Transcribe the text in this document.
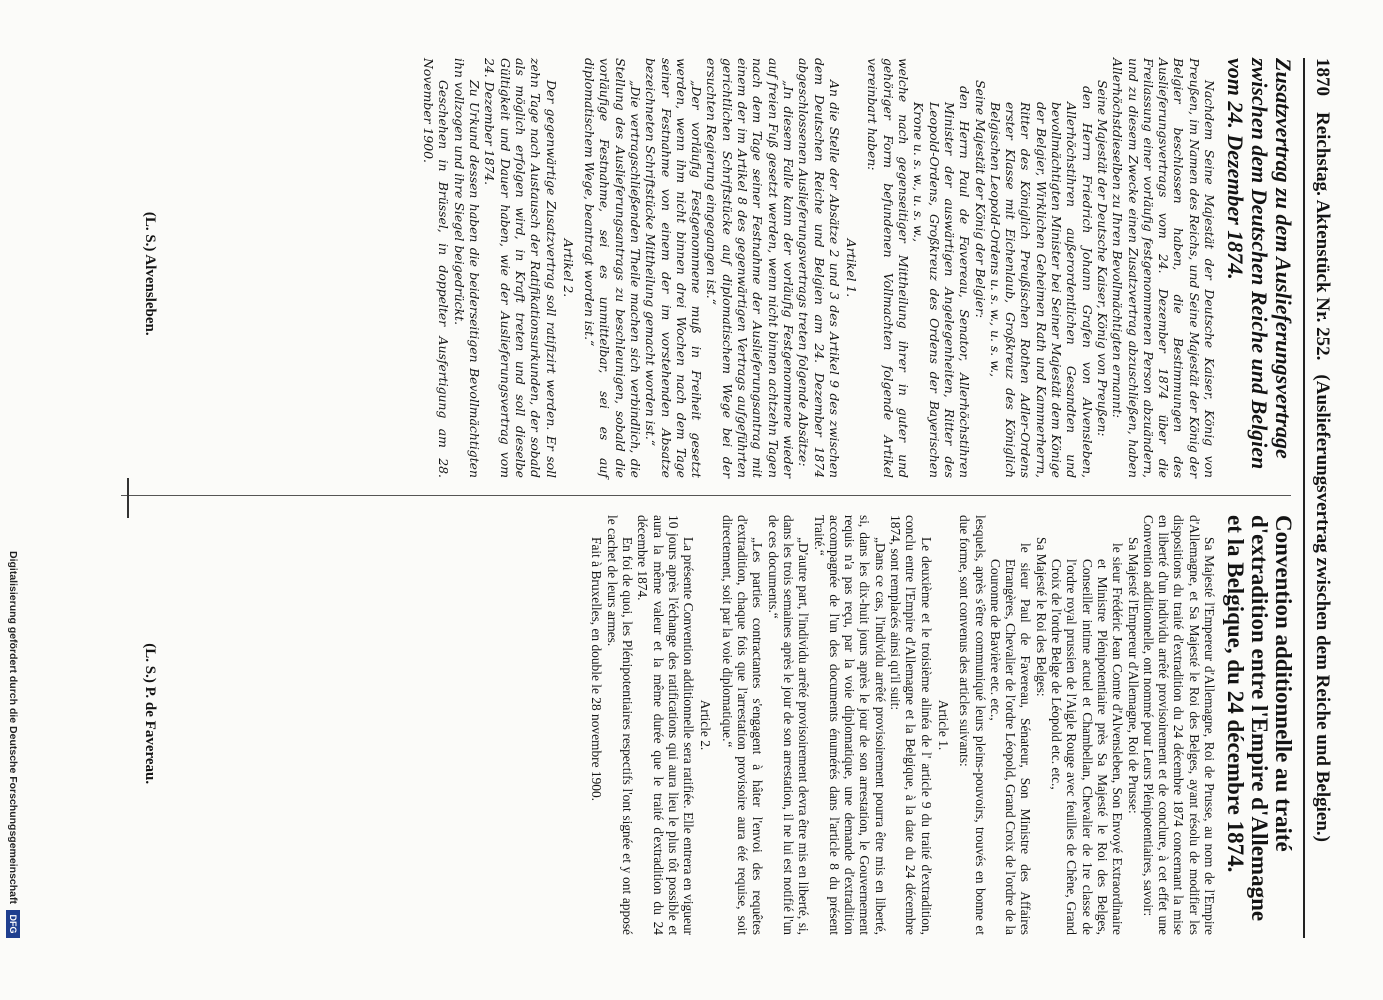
1870
Reichstag. Aktenstück Nr. 252.
(Auslieferungsvertrag zwischen dem Reiche und Belgien.)
Zusatzvertrag zu dem Auslieferungsvertrage zwischen dem Deutschen Reiche und Belgien vom 24. Dezember 1874.

Nachdem Seine Majestät der Deutsche Kaiser, König von Preußen, im Namen des Reichs, und Seine Majestät der König der Belgier beschlossen haben, die Bestimmungen des Auslieferungsvertrags vom 24. Dezember 1874 über die Freilassung einer vorläufig festgenommenen Person abzuändern, und zu diesem Zwecke einen Zusatzvertrag abzuschließen, haben Allerhöchstdieselben zu Ihren Bevollmächtigten ernannt:

Seine Majestät der Deutsche Kaiser, König von Preußen:

den Herrn Friedrich Johann Grafen von Alvensleben, Allerhöchstihren außerordentlichen Gesandten und bevollmächtigten Minister bei Seiner Majestät dem Könige der Belgier, Wirklichen Geheimen Rath und Kammerherrn, Ritter des Königlich Preußischen Rothen Adler-Ordens erster Klasse mit Eichenlaub, Großkreuz des Königlich Belgischen Leopold-Ordens u. s. w., u. s. w.,

Seine Majestät der König der Belgier:

den Herrn Paul de Favereau, Senator, Allerhöchstihren Minister der auswärtigen Angelegenheiten, Ritter des Leopold-Ordens, Großkreuz des Ordens der Bayerischen Krone u. s. w., u. s. w.,

welche nach gegenseitiger Mittheilung ihrer in guter und gehöriger Form befundenen Vollmachten folgende Artikel vereinbart haben:

Artikel 1.

An die Stelle der Absätze 2 und 3 des Artikel 9 des zwischen dem Deutschen Reiche und Belgien am 24. Dezember 1874 abgeschlossenen Auslieferungsvertrags treten folgende Absätze:

„In diesem Falle kann der vorläufig Festgenommene wieder auf freien Fuß gesetzt werden, wenn nicht binnen achtzehn Tagen nach dem Tage seiner Festnahme der Auslieferungsantrag mit einem der im Artikel 8 des gegenwärtigen Vertrags aufgeführten gerichtlichen Schriftstücke auf diplomatischem Wege bei der ersuchten Regierung eingegangen ist.“

„Der vorläufig Festgenommene muß in Freiheit gesetzt werden, wenn ihm nicht binnen drei Wochen nach dem Tage seiner Festnahme von einem der im vorstehenden Absatze bezeichneten Schriftstücke Mittheilung gemacht worden ist.“

„Die vertragschließenden Theile machen sich verbindlich, die Stellung des Auslieferungsantrags zu beschleunigen, sobald die vorläufige Festnahme, sei es unmittelbar, sei es auf diplomatischem Wege, beantragt worden ist.“

Artikel 2.

Der gegenwärtige Zusatzvertrag soll ratifizirt werden. Er soll zehn Tage nach Austausch der Ratifikationsurkunden, der sobald als möglich erfolgen wird, in Kraft treten und soll dieselbe Gültigkeit und Dauer haben, wie der Auslieferungsvertrag vom 24. Dezember 1874.

Zu Urkund dessen haben die beiderseitigen Bevollmächtigten ihn vollzogen und ihre Siegel beigedrückt.

Geschehen in Brüssel, in doppelter Ausfertigung am 28. November 1900.

Convention additionnelle au traité d'extradition entre l'Empire d'Allemagne et la Belgique, du 24 décembre 1874.

Sa Majesté l'Empereur d'Allemagne, Roi de Prusse, au nom de l'Empire d'Allemagne, et Sa Majesté le Roi des Belges, ayant résolu de modifier les dispositions du traité d'extradition du 24 décembre 1874 concernant la mise en liberté d'un individu arrêté provisoirement et de conclure, à cet effet une Convention additionnelle, ont nommé pour Leurs Plénipotentiaires, savoir:

Sa Majesté l'Empereur d'Allemagne, Roi de Prusse:

le sieur Frédéric Jean Comte d'Alvensleben, Son Envoyé Extraordinaire et Ministre Plénipotentiaire près Sa Majesté le Roi des Belges, Conseiller intime actuel et Chambellan, Chevalier de 1re classe de l'ordre royal prussien de l'Aigle Rouge avec feuilles de Chêne, Grand Croix de l'ordre Belge de Léopold etc. etc.,

Sa Majesté le Roi des Belges:

le sieur Paul de Favereau, Sénateur, Son Ministre des Affaires Etrangères, Chevalier de l'ordre Léopold, Grand Croix de l'ordre de la Couronne de Bavière etc. etc.,

lesquels, après s'être communiqué leurs pleins-pouvoirs, trouvés en bonne et due forme, sont convenus des articles suivants:

Article 1.

Le deuxième et le troisième alinéa de l' article 9 du traité d'extradition, conclu entre l'Empire d'Allemagne et la Belgique, à la date du 24 décembre 1874, sont remplacés ainsi qu'il suit:

„Dans ce cas, l'individu arrêté provisoirement pourra être mis en liberté, si, dans les dix-huit jours après le jour de son arrestation, le Gouvernement requis n'a pas reçu, par la voie diplomatique, une demande d'extradition accompagnée de l'un des documents énumérés dans l'article 8 du présent Traité.“

„D'autre part, l'individu arrêté provisoirement devra être mis en liberté, si, dans les trois semaines après le jour de son arrestation, il ne lui est notifié l'un de ces documents.“

„Les parties contractantes s'engagent à hâter l'envoi des requêtes d'extradition, chaque fois que l'arrestation provisoire aura été requise, soit directement, soit par la voie diplomatique.“

Article 2.

La présente Convention additionnelle sera ratifiée. Elle entrera en vigueur 10 jours après l'échange des ratifications qui aura lieu le plus tôt possible et aura la même valeur et la même durée que le traité d'extradition du 24 décembre 1874.

En foi de quoi, les Plénipotentiaires respectifs l'ont signée et y ont apposé le cachet de leurs armes.

Fait à Bruxelles, en double le 28 novembre 1900.

(L. S.) Alvensleben.
(L. S.) P. de Favereau.
Digitalisierung gefördert durch die Deutsche Forschungsgemeinschaft
DFG
